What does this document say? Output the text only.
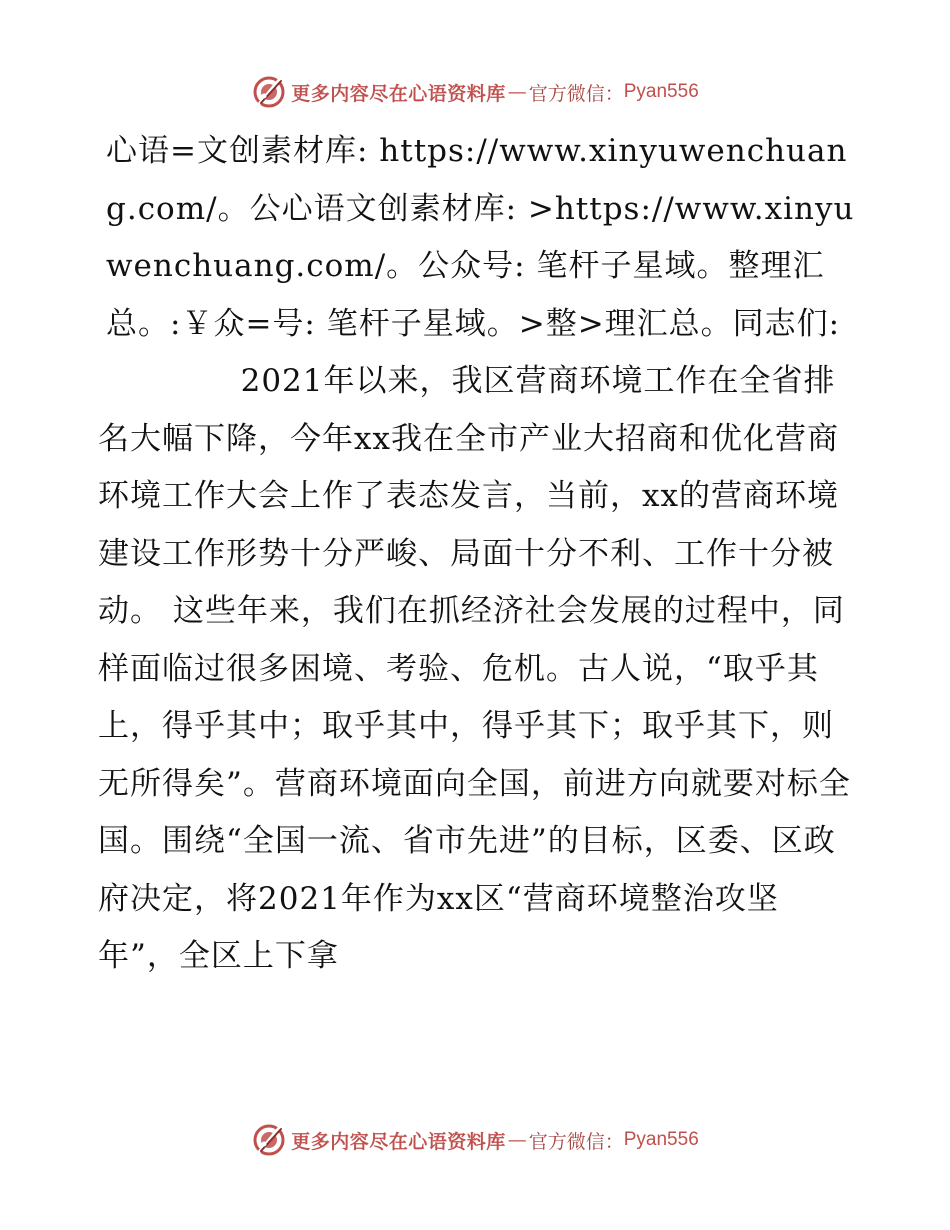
更多内容尽在心语资料库 — 官方微信： Pyan556

心语=文创素材库: https://www.xinyuwenchuang.com/。公心语文创素材库: >https://www.xinyuwenchuang.com/。公众号: 笔杆子星域。整理汇总。:￥众=号: 笔杆子星域。>整>理汇总。同志们:

2021年以来，我区营商环境工作在全省排名大幅下降，今年xx我在全市产业大招商和优化营商环境工作大会上作了表态发言，当前，xx的营商环境建设工作形势十分严峻、局面十分不利、工作十分被动。 这些年来，我们在抓经济社会发展的过程中，同样面临过很多困境、考验、危机。古人说，“取乎其上，得乎其中；取乎其中，得乎其下；取乎其下，则无所得矣”。营商环境面向全国，前进方向就要对标全国。围绕“全国一流、省市先进”的目标，区委、区政府决定，将2021年作为xx区“营商环境整治攻坚年”，全区上下拿

更多内容尽在心语资料库 — 官方微信： Pyan556
